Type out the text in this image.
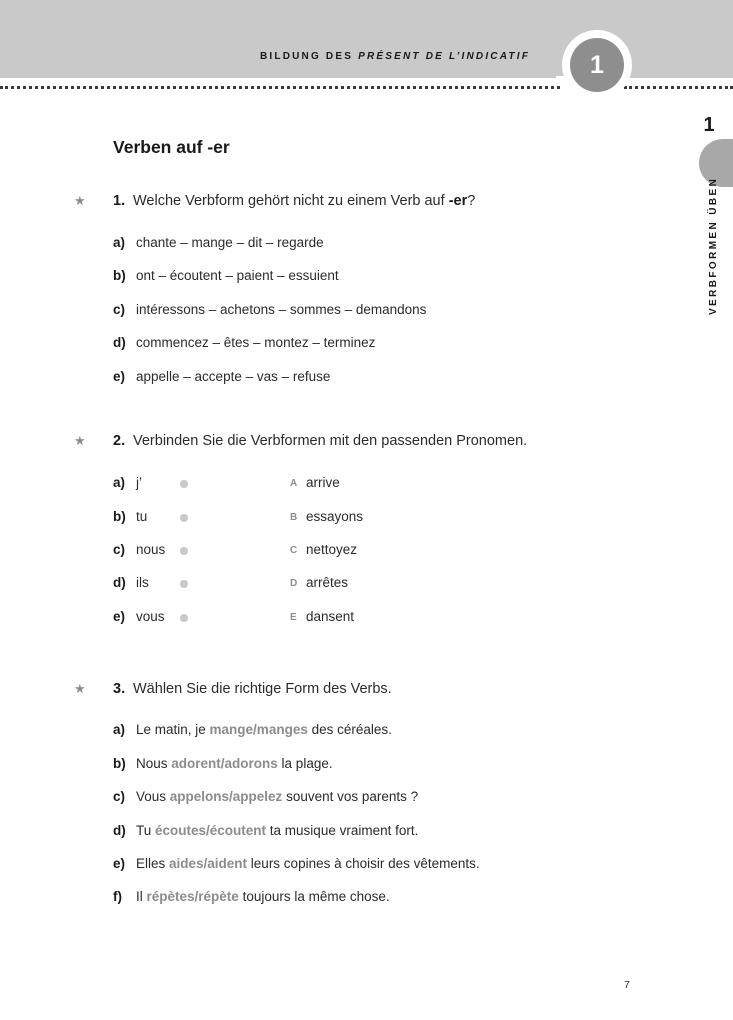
BILDUNG DES PRÉSENT DE L’INDICATIF	1
1
VERBFORMEN ÜBEN
Verben auf -er
★ 1. Welche Verbform gehört nicht zu einem Verb auf -er?
a) chante – mange – dit – regarde
b) ont – écoutent – paient – essuient
c) intéressons – achetons – sommes – demandons
d) commencez – êtes – montez – terminez
e) appelle – accepte – vas – refuse
★ 2. Verbinden Sie die Verbformen mit den passenden Pronomen.
a) j’	A arrive
b) tu	B essayons
c) nous	C nettoyez
d) ils	D arrêtes
e) vous	E dansent
★ 3. Wählen Sie die richtige Form des Verbs.
a) Le matin, je mange/manges des céréales.
b) Nous adorent/adorons la plage.
c) Vous appelons/appelez souvent vos parents ?
d) Tu écoutes/écoutent ta musique vraiment fort.
e) Elles aides/aident leurs copines à choisir des vêtements.
f) Il répètes/répète toujours la même chose.
7
